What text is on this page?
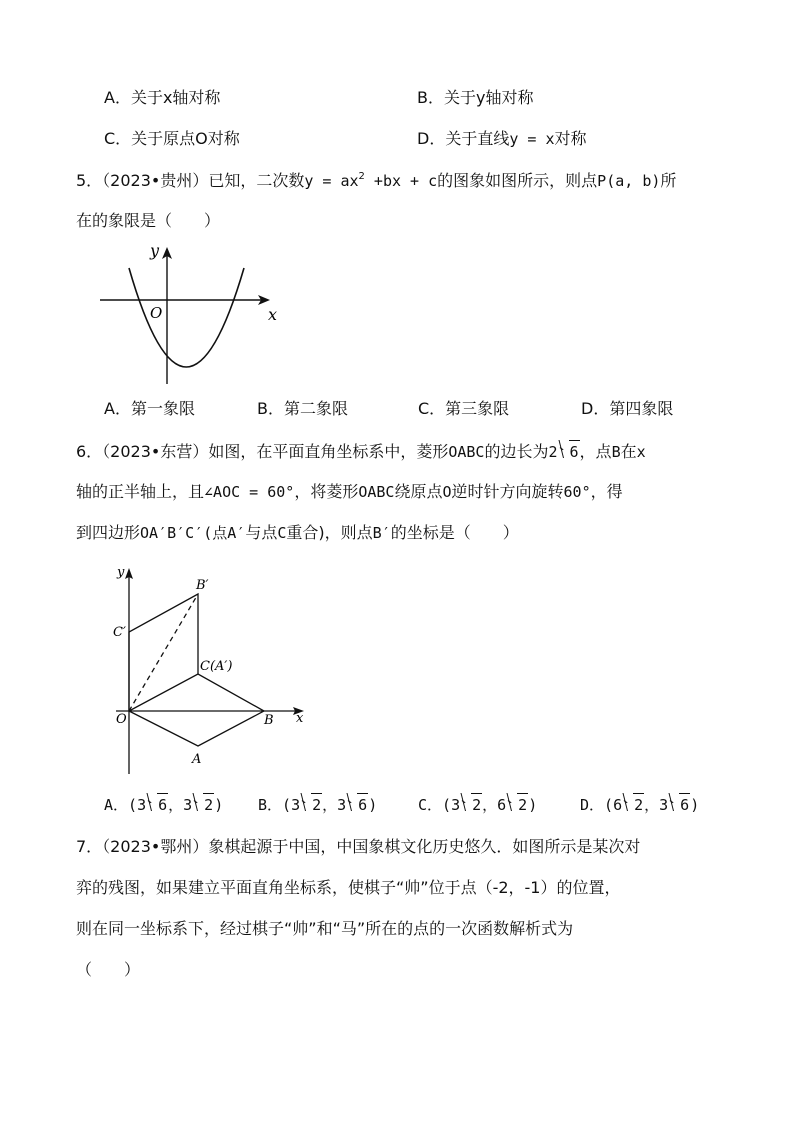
A．关于x轴对称	B．关于y轴对称
C．关于原点O对称	D．关于直线y = x对称
5．（2023•贵州）已知，二次数$y = ax^2 +bx + c$的图象如图所示，则点P(a, b)所
在的象限是（　　）
y
O	x
A．第一象限	B．第二象限	C．第三象限	D．第四象限
6．（2023•东营）如图，在平面直角坐标系中，菱形OABC的边长为2 6，点B在x
轴的正半轴上，且∠AOC = 60°，将菱形OABC绕原点O逆时针方向旋转60°，得
到四边形OA′B′C′(点A′与点C重合)，则点B′的坐标是（　　）
y
B′
C′
C(A′)
O	B x
A
A．(3 6，3 2) B．(3 2，3 6)	C．(3 2，6 2)	D．(6 2，3 6)
7．（2023•鄂州）象棋起源于中国，中国象棋文化历史悠久．如图所示是某次对
弈的残图，如果建立平面直角坐标系，使棋子“帅”位于点（-2，-1）的位置，
则在同一坐标系下，经过棋子“帅”和“马”所在的点的一次函数解析式为
（　　）
